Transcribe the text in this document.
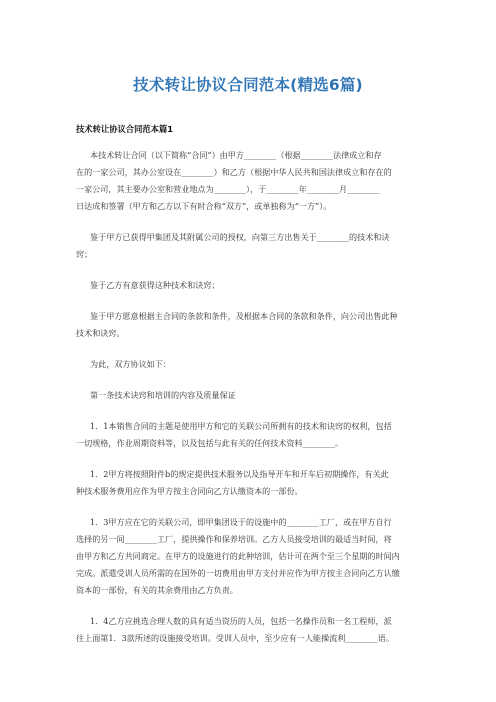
技术转让协议合同范本(精选6篇)
技术转让协议合同范本篇1
本技术转让合同（以下简称“合同”）由甲方________（根据________法律成立和存
在的一家公司，其办公室设在________）和乙方（根据中华人民共和国法律成立和存在的
一家公司，其主要办公室和营业地点为________），于________年________月________
日达成和签署（甲方和乙方以下有时合称“双方”，或单独称为“一方”）。
鉴于甲方已获得甲集团及其附属公司的授权，向第三方出售关于________的技术和诀
窍；
鉴于乙方有意获得这种技术和诀窍；
鉴于甲方愿意根据主合同的条款和条件，及根据本合同的条款和条件，向公司出售此种
技术和诀窍。
为此，双方协议如下：
第一条技术诀窍和培训的内容及质量保证
1．1本销售合同的主题是使用甲方和它的关联公司所拥有的技术和诀窍的权利，包括
一切规格，作业周期资料等，以及包括与此有关的任何技术资料________。
1．2甲方将按照附件b的规定提供技术服务以及指导开车和开车后初期操作，有关此
种技术服务费用应作为甲方按主合同向乙方认缴资本的一部份。
1．3甲方应在它的关联公司，即甲集团设于的设施中的________工厂，或在甲方自行
选择的另一间________工厂，提供操作和保养培训。乙方人员接受培训的最适当时间，将
由甲方和乙方共同商定。在甲方的设施进行的此种培训，估计可在两个至三个星期的时间内
完成。派遣受训人员所需的在国外的一切费用由甲方支付并应作为甲方按主合同向乙方认缴
资本的一部份，有关的其余费用由乙方负责。
1．4乙方应挑选合理人数的具有适当资历的人员，包括一名操作员和一名工程师，派
往上面第1．3款所述的设施接受培训。受训人员中，至少应有一人能操流利________语。
